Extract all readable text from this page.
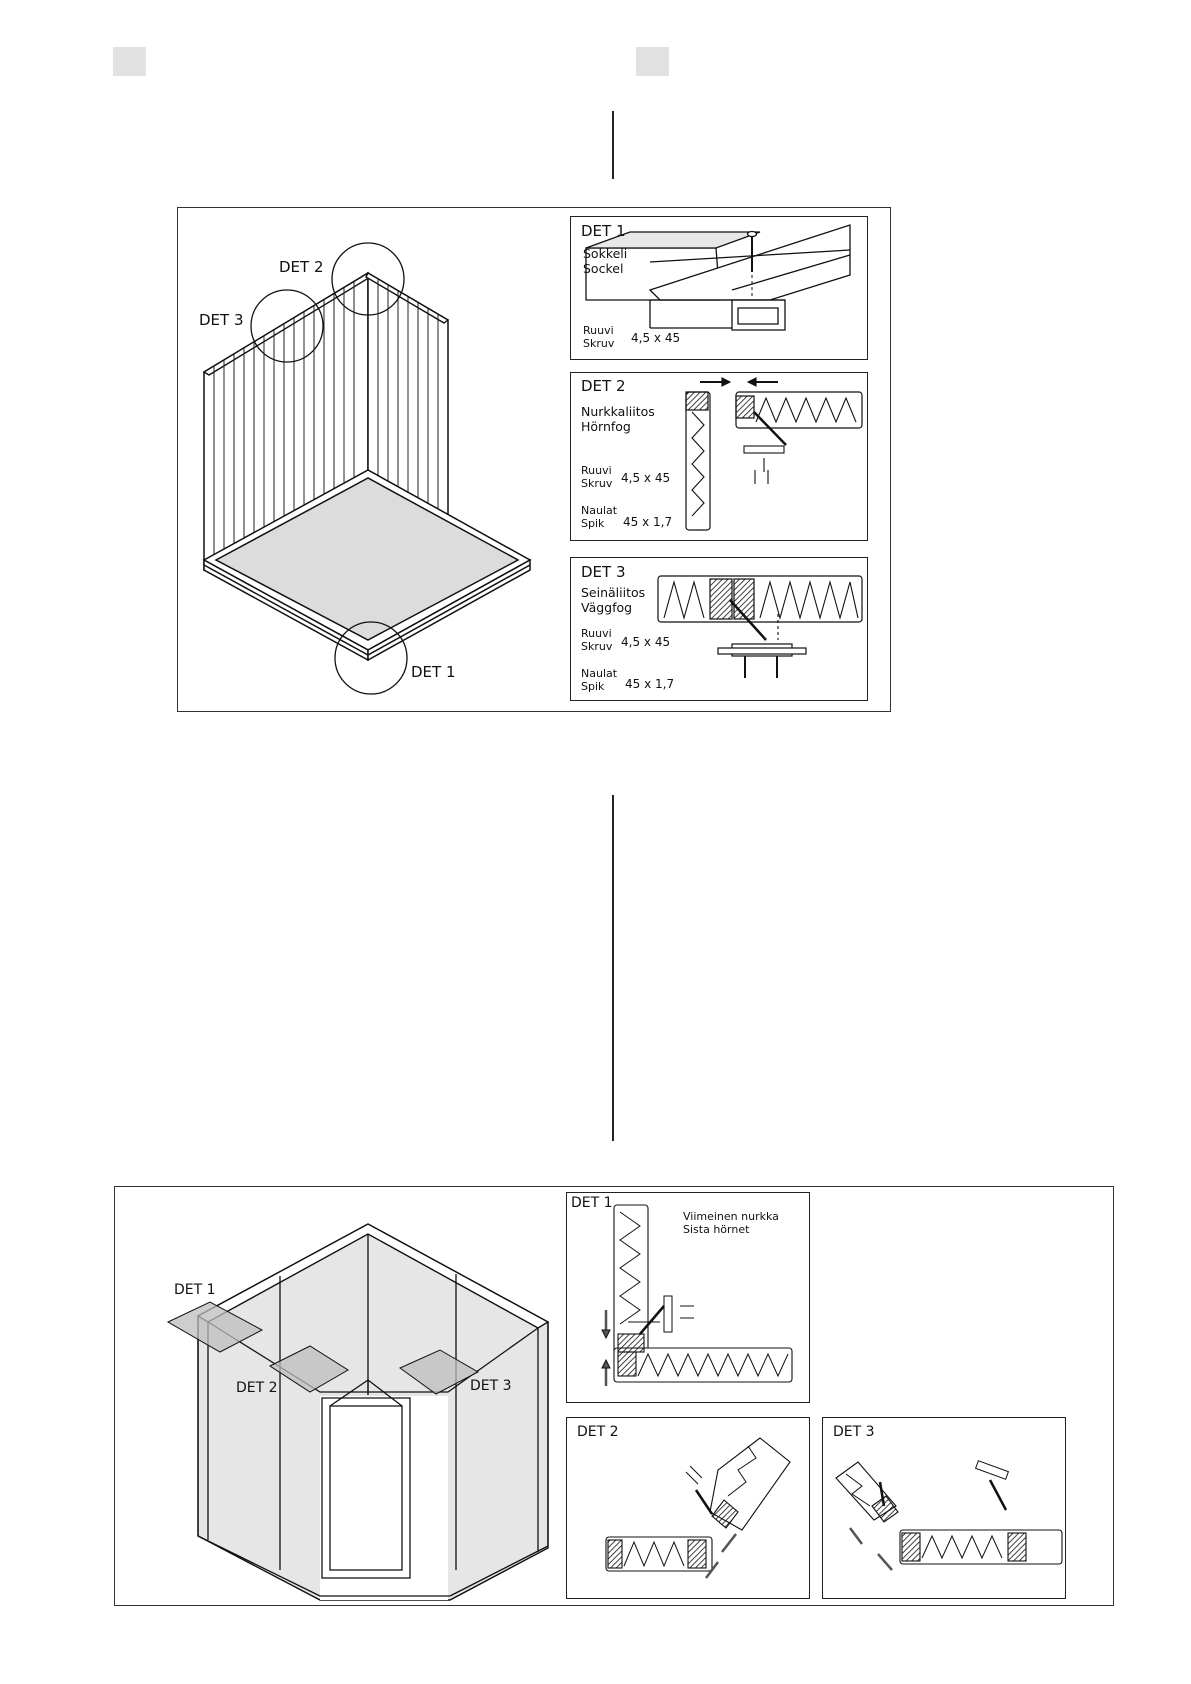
DET 2
DET 3
DET 1
DET 1
Sokkeli
Sockel
Ruuvi
Skruv 4,5 x 45
DET 2
Nurkkaliitos
Hörnfog
Ruuvi
Skruv 4,5 x 45
Naulat
Spik 45 x 1,7
DET 3
Seinäliitos
Väggfog
Ruuvi
Skruv 4,5 x 45
Naulat
Spik 45 x 1,7
DET 1
DET 2	DET 3
DET 1
Viimeinen nurkka
Sista hörnet
DET 2	DET 3
